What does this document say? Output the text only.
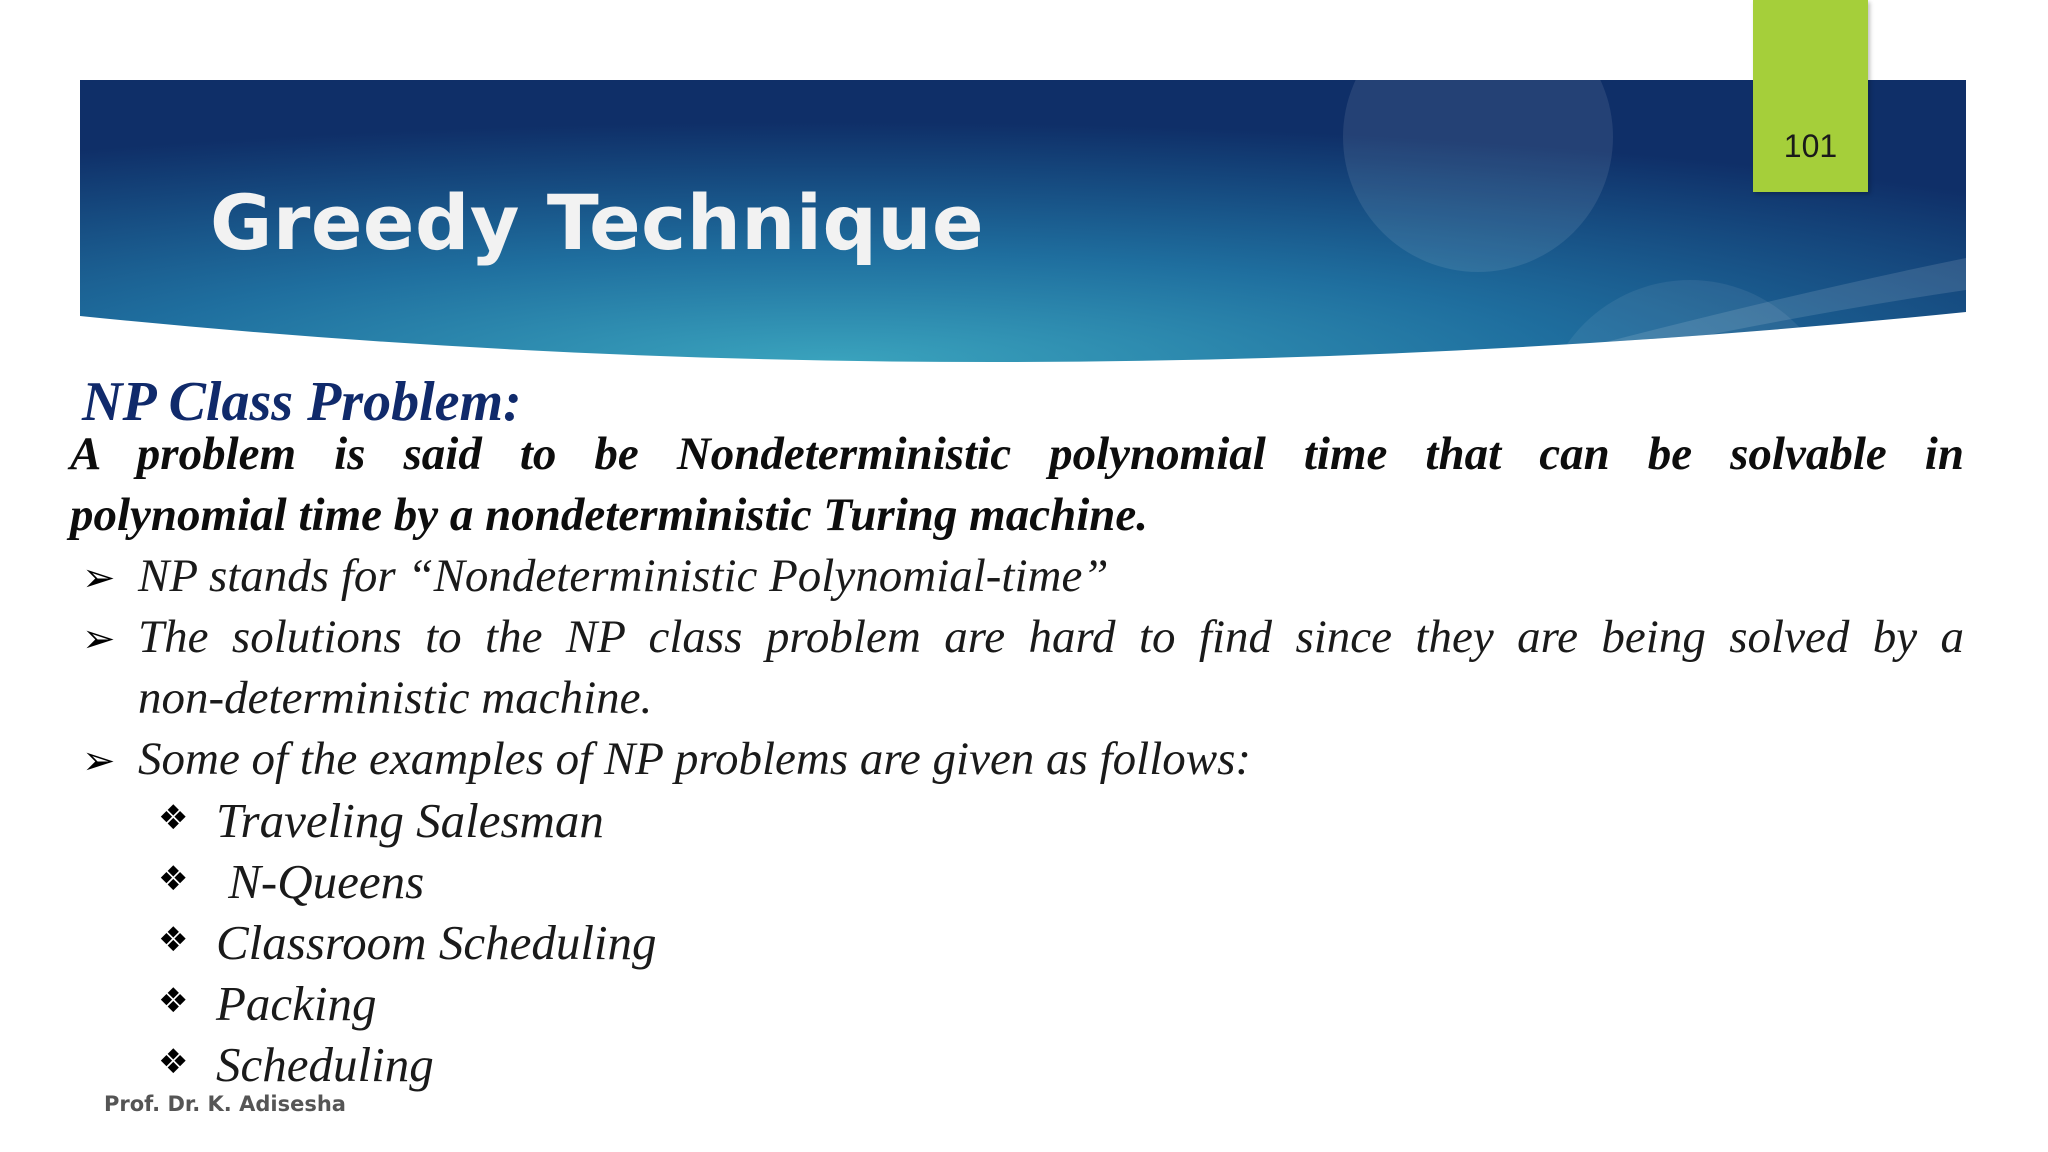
101
Greedy Technique
NP Class Problem:
A problem is said to be Nondeterministic polynomial time that can be solvable in
polynomial time by a nondeterministic Turing machine.
➢ NP stands for “Nondeterministic Polynomial-time”
➢ The solutions to the NP class problem are hard to find since they are being solved by a
non-deterministic machine.
➢ Some of the examples of NP problems are given as follows:
❖ Traveling Salesman
❖ N-Queens
❖ Classroom Scheduling
❖ Packing
❖ Scheduling
Prof. Dr. K. Adisesha
